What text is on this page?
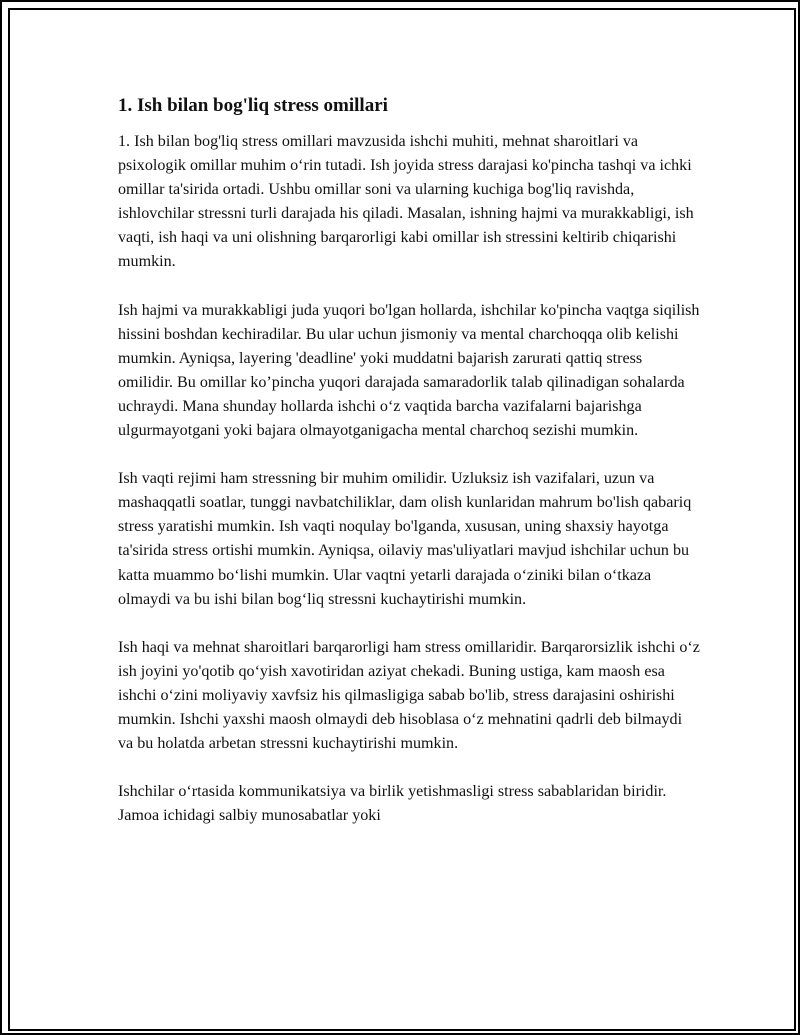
1. Ish bilan bog'liq stress omillari

1. Ish bilan bog'liq stress omillari mavzusida ishchi muhiti, mehnat sharoitlari va psixologik omillar muhim oʻrin tutadi. Ish joyida stress darajasi ko'pincha tashqi va ichki omillar ta'sirida ortadi. Ushbu omillar soni va ularning kuchiga bog'liq ravishda, ishlovchilar stressni turli darajada his qiladi. Masalan, ishning hajmi va murakkabligi, ish vaqti, ish haqi va uni olishning barqarorligi kabi omillar ish stressini keltirib chiqarishi mumkin.

Ish hajmi va murakkabligi juda yuqori bo'lgan hollarda, ishchilar ko'pincha vaqtga siqilish hissini boshdan kechiradilar. Bu ular uchun jismoniy va mental charchoqqa olib kelishi mumkin. Ayniqsa, layering 'deadline' yoki muddatni bajarish zarurati qattiq stress omilidir. Bu omillar ko’pincha yuqori darajada samaradorlik talab qilinadigan sohalarda uchraydi. Mana shunday hollarda ishchi oʻz vaqtida barcha vazifalarni bajarishga ulgurmayotgani yoki bajara olmayotganigacha mental charchoq sezishi mumkin.

Ish vaqti rejimi ham stressning bir muhim omilidir. Uzluksiz ish vazifalari, uzun va mashaqqatli soatlar, tunggi navbatchiliklar, dam olish kunlaridan mahrum bo'lish qabariq stress yaratishi mumkin. Ish vaqti noqulay bo'lganda, xususan, uning shaxsiy hayotga ta'sirida stress ortishi mumkin. Ayniqsa, oilaviy mas'uliyatlari mavjud ishchilar uchun bu katta muammo boʻlishi mumkin. Ular vaqtni yetarli darajada oʻziniki bilan oʻtkaza olmaydi va bu ishi bilan bogʻliq stressni kuchaytirishi mumkin.

Ish haqi va mehnat sharoitlari barqarorligi ham stress omillaridir. Barqarorsizlik ishchi oʻz ish joyini yo'qotib qoʻyish xavotiridan aziyat chekadi. Buning ustiga, kam maosh esa ishchi oʻzini moliyaviy xavfsiz his qilmasligiga sabab bo'lib, stress darajasini oshirishi mumkin. Ishchi yaxshi maosh olmaydi deb hisoblasa oʻz mehnatini qadrli deb bilmaydi va bu holatda arbetan stressni kuchaytirishi mumkin.

Ishchilar oʻrtasida kommunikatsiya va birlik yetishmasligi stress sabablaridan biridir. Jamoa ichidagi salbiy munosabatlar yoki
